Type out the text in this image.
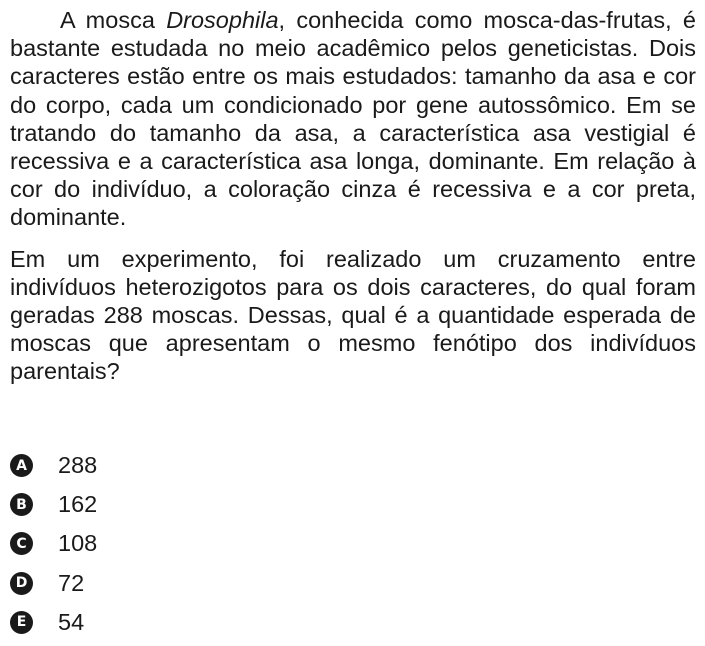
A mosca Drosophila, conhecida como mosca-das-frutas, é bastante estudada no meio acadêmico pelos geneticistas. Dois caracteres estão entre os mais estudados: tamanho da asa e cor do corpo, cada um condicionado por gene autossômico. Em se tratando do tamanho da asa, a característica asa vestigial é recessiva e a característica asa longa, dominante. Em relação à cor do indivíduo, a coloração cinza é recessiva e a cor preta, dominante.

Em um experimento, foi realizado um cruzamento entre indivíduos heterozigotos para os dois caracteres, do qual foram geradas 288 moscas. Dessas, qual é a quantidade esperada de moscas que apresentam o mesmo fenótipo dos indivíduos parentais?

A 288
B 162
C 108
D 72
E 54
